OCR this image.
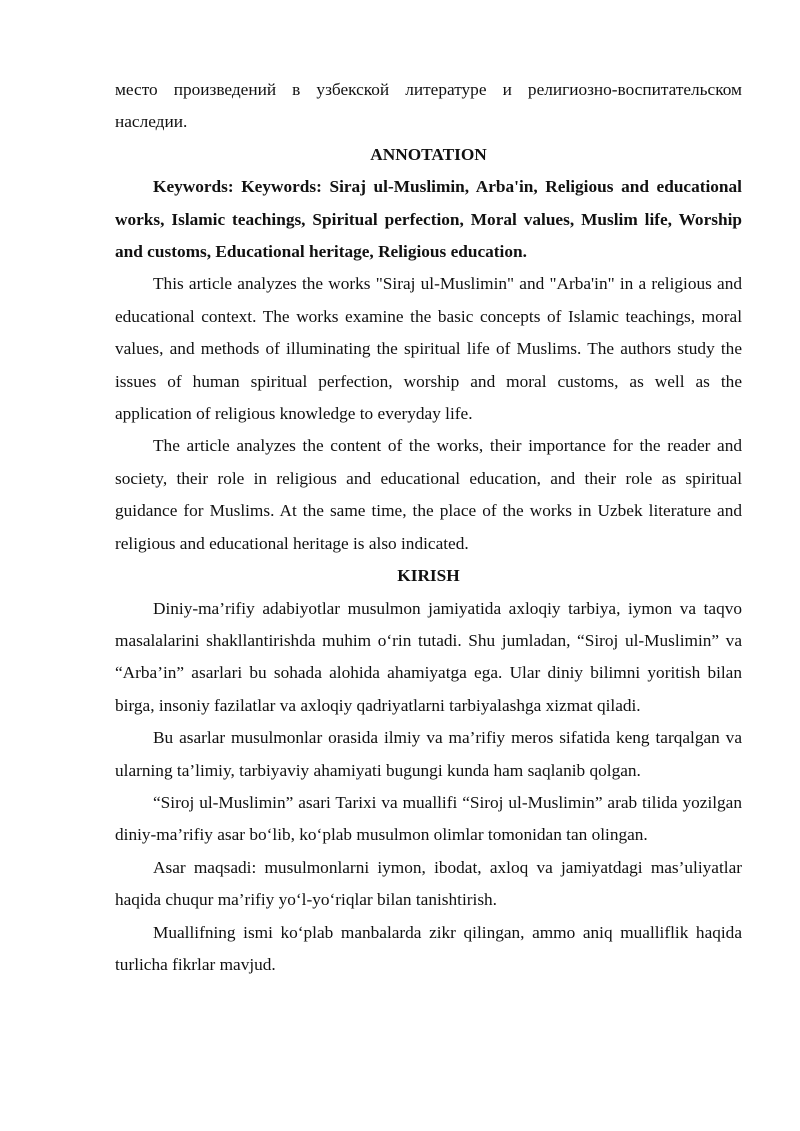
место произведений в узбекской литературе и религиозно-воспитательском наследии.

ANNOTATION

Keywords: Keywords: Siraj ul-Muslimin, Arba'in, Religious and educational works, Islamic teachings, Spiritual perfection, Moral values, Muslim life, Worship and customs, Educational heritage, Religious education.

This article analyzes the works "Siraj ul-Muslimin" and "Arba'in" in a religious and educational context. The works examine the basic concepts of Islamic teachings, moral values, and methods of illuminating the spiritual life of Muslims. The authors study the issues of human spiritual perfection, worship and moral customs, as well as the application of religious knowledge to everyday life.

The article analyzes the content of the works, their importance for the reader and society, their role in religious and educational education, and their role as spiritual guidance for Muslims. At the same time, the place of the works in Uzbek literature and religious and educational heritage is also indicated.

KIRISH

Diniy-ma’rifiy adabiyotlar musulmon jamiyatida axloqiy tarbiya, iymon va taqvo masalalarini shakllantirishda muhim o‘rin tutadi. Shu jumladan, “Siroj ul-Muslimin” va “Arba’in” asarlari bu sohada alohida ahamiyatga ega. Ular diniy bilimni yoritish bilan birga, insoniy fazilatlar va axloqiy qadriyatlarni tarbiyalashga xizmat qiladi.

Bu asarlar musulmonlar orasida ilmiy va ma’rifiy meros sifatida keng tarqalgan va ularning ta’limiy, tarbiyaviy ahamiyati bugungi kunda ham saqlanib qolgan.

“Siroj ul-Muslimin” asari Tarixi va muallifi “Siroj ul-Muslimin” arab tilida yozilgan diniy-ma’rifiy asar bo‘lib, ko‘plab musulmon olimlar tomonidan tan olingan.

Asar maqsadi: musulmonlarni iymon, ibodat, axloq va jamiyatdagi mas’uliyatlar haqida chuqur ma’rifiy yo‘l-yo‘riqlar bilan tanishtirish.

Muallifning ismi ko‘plab manbalarda zikr qilingan, ammo aniq mualliflik haqida turlicha fikrlar mavjud.
